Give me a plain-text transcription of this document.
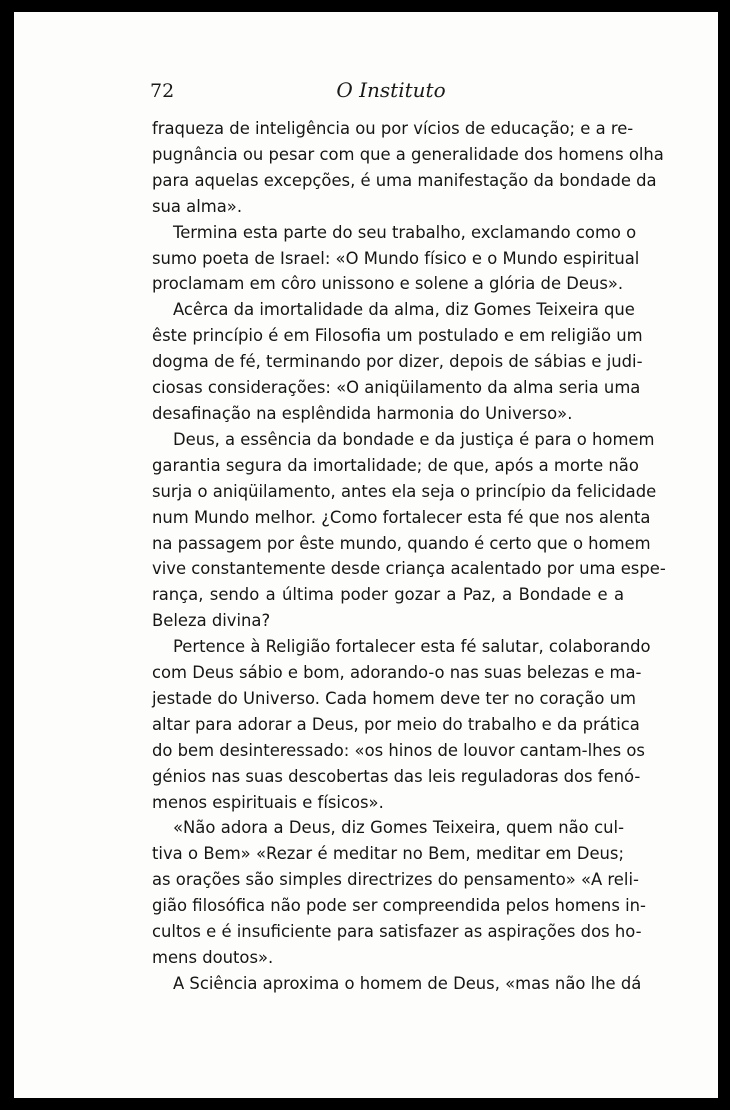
72	O Instituto
fraqueza de inteligência ou por vícios de educação; e a re-
pugnância ou pesar com que a generalidade dos homens olha
para aquelas excepções, é uma manifestação da bondade da
sua alma».
Termina esta parte do seu trabalho, exclamando como o
sumo poeta de Israel: «O Mundo físico e o Mundo espiritual
proclamam em côro unissono e solene a glória de Deus».
Acêrca da imortalidade da alma, diz Gomes Teixeira que
êste princípio é em Filosofia um postulado e em religião um
dogma de fé, terminando por dizer, depois de sábias e judi-
ciosas considerações: «O aniqüilamento da alma seria uma
desafinação na esplêndida harmonia do Universo».
Deus, a essência da bondade e da justiça é para o homem
garantia segura da imortalidade; de que, após a morte não
surja o aniqüilamento, antes ela seja o princípio da felicidade
num Mundo melhor. ¿Como fortalecer esta fé que nos alenta
na passagem por êste mundo, quando é certo que o homem
vive constantemente desde criança acalentado por uma espe-
rança, sendo a última poder gozar a Paz, a Bondade e a
Beleza divina?
Pertence à Religião fortalecer esta fé salutar, colaborando
com Deus sábio e bom, adorando-o nas suas belezas e ma-
jestade do Universo. Cada homem deve ter no coração um
altar para adorar a Deus, por meio do trabalho e da prática
do bem desinteressado: «os hinos de louvor cantam-lhes os
génios nas suas descobertas das leis reguladoras dos fenó-
menos espirituais e físicos».
«Não adora a Deus, diz Gomes Teixeira, quem não cul-
tiva o Bem» «Rezar é meditar no Bem, meditar em Deus;
as orações são simples directrizes do pensamento» «A reli-
gião filosófica não pode ser compreendida pelos homens in-
cultos e é insuficiente para satisfazer as aspirações dos ho-
mens doutos».
A Sciência aproxima o homem de Deus, «mas não lhe dá
